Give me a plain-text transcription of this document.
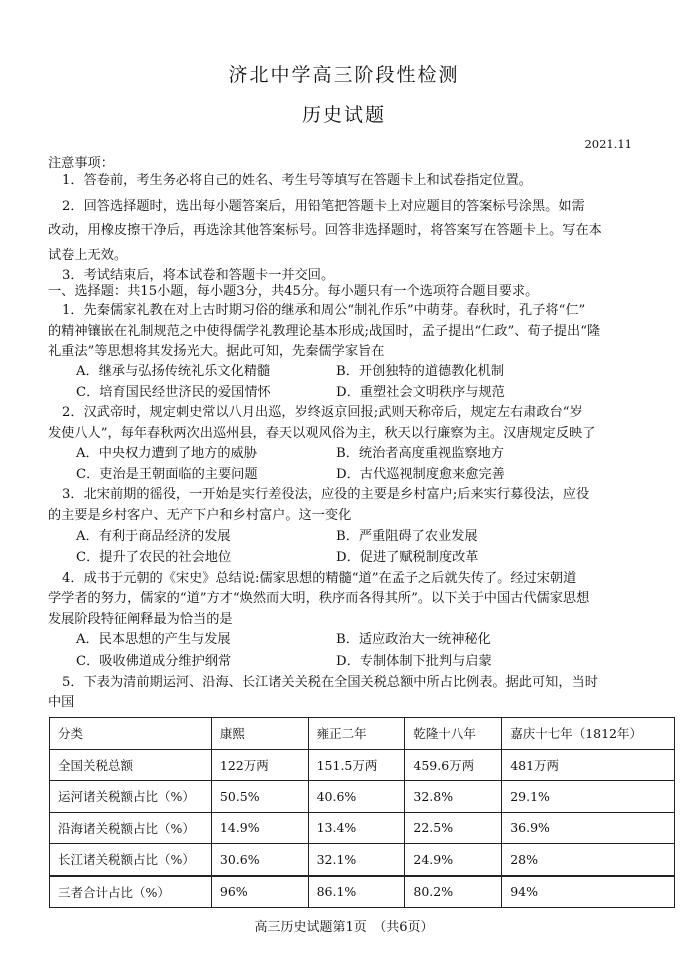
济北中学高三阶段性检测
历史试题
2021.11
注意事项：
1．答卷前，考生务必将自己的姓名、考生号等填写在答题卡上和试卷指定位置。
2．回答选择题时，选出每小题答案后，用铅笔把答题卡上对应题目的答案标号涂黑。如需
改动，用橡皮擦干净后，再选涂其他答案标号。回答非选择题时，将答案写在答题卡上。写在本
试卷上无效。
3．考试结束后，将本试卷和答题卡一并交回。
一、选择题：共15小题，每小题3分，共45分。每小题只有一个选项符合题目要求。
1．先秦儒家礼教在对上古时期习俗的继承和周公“制礼作乐”中萌芽。春秋时，孔子将“仁”
的精神镶嵌在礼制规范之中使得儒学礼教理论基本形成;战国时，孟子提出“仁政”、荀子提出“隆
礼重法”等思想将其发扬光大。据此可知，先秦儒学家旨在
A．继承与弘扬传统礼乐文化精髓	B．开创独特的道德教化机制
C．培育国民经世济民的爱国情怀	D．重塑社会文明秩序与规范
2．汉武帝时，规定刺史常以八月出巡，岁终返京回报;武则天称帝后，规定左右肃政台“岁
发使八人”，每年春秋两次出巡州县，春天以观风俗为主，秋天以行廉察为主。汉唐规定反映了
A．中央权力遭到了地方的威胁	B．统治者高度重视监察地方
C．吏治是王朝面临的主要问题	D．古代巡视制度愈来愈完善
3．北宋前期的徭役，一开始是实行差役法，应役的主要是乡村富户;后来实行募役法，应役
的主要是乡村客户、无产下户和乡村富户。这一变化
A．有利于商品经济的发展	B．严重阻碍了农业发展
C．提升了农民的社会地位	D．促进了赋税制度改革
4．成书于元朝的《宋史》总结说:儒家思想的精髓“道”在孟子之后就失传了。经过宋朝道
学学者的努力，儒家的“道”方才“焕然而大明，秩序而各得其所”。以下关于中国古代儒家思想
发展阶段特征阐释最为恰当的是
A．民本思想的产生与发展	B．适应政治大一统神秘化
C．吸收佛道成分维护纲常	D．专制体制下批判与启蒙
5．下表为清前期运河、沿海、长江诸关关税在全国关税总额中所占比例表。据此可知，当时
中国
分类	康熙	雍正二年	乾隆十八年	嘉庆十七年（1812年）
全国关税总额	122万两	151.5万两	459.6万两	481万两
运河诸关税额占比（%）	50.5%	40.6%	32.8%	29.1%
沿海诸关税额占比（%）	14.9%	13.4%	22.5%	36.9%
长江诸关税额占比（%）	30.6%	32.1%	24.9%	28%
三者合计占比（%）	96%	86.1%	80.2%	94%
高三历史试题第1页　（共6页）
